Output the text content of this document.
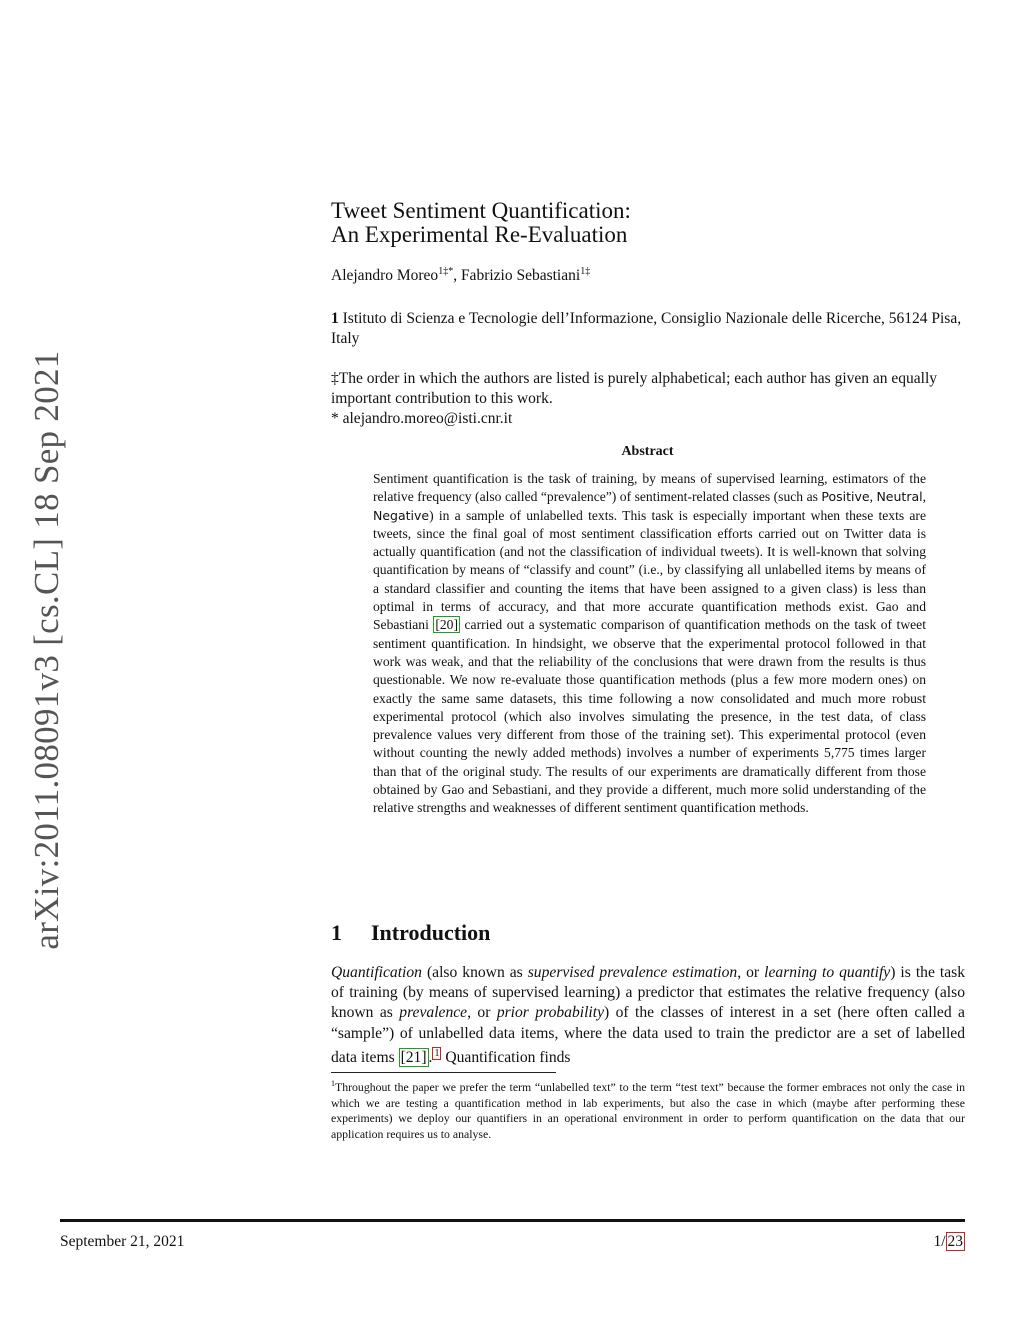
arXiv:2011.08091v3 [cs.CL] 18 Sep 2021
Tweet Sentiment Quantification:
An Experimental Re-Evaluation
Alejandro Moreo$^{1\ddagger*}$, Fabrizio Sebastiani$^{1\ddagger}$
1 Istituto di Scienza e Tecnologie dell’Informazione, Consiglio Nazionale delle Ricerche, 56124 Pisa, Italy
‡The order in which the authors are listed is purely alphabetical; each author has given an equally important contribution to this work.
* alejandro.moreo@isti.cnr.it
Abstract
Sentiment quantification is the task of training, by means of supervised learning, estimators of the relative frequency (also called “prevalence”) of sentiment-related classes (such as Positive, Neutral, Negative) in a sample of unlabelled texts. This task is especially important when these texts are tweets, since the final goal of most sentiment classification efforts carried out on Twitter data is actually quantification (and not the classification of individual tweets). It is well-known that solving quantification by means of “classify and count” (i.e., by classifying all unlabelled items by means of a standard classifier and counting the items that have been assigned to a given class) is less than optimal in terms of accuracy, and that more accurate quantification methods exist. Gao and Sebastiani [20] carried out a systematic comparison of quantification methods on the task of tweet sentiment quantification. In hindsight, we observe that the experimental protocol followed in that work was weak, and that the reliability of the conclusions that were drawn from the results is thus questionable. We now re-evaluate those quantification methods (plus a few more modern ones) on exactly the same same datasets, this time following a now consolidated and much more robust experimental protocol (which also involves simulating the presence, in the test data, of class prevalence values very different from those of the training set). This experimental protocol (even without counting the newly added methods) involves a number of experiments 5,775 times larger than that of the original study. The results of our experiments are dramatically different from those obtained by Gao and Sebastiani, and they provide a different, much more solid understanding of the relative strengths and weaknesses of different sentiment quantification methods.
1 Introduction
Quantification (also known as supervised prevalence estimation, or learning to quantify) is the task of training (by means of supervised learning) a predictor that estimates the relative frequency (also known as prevalence, or prior probability) of the classes of interest in a set (here often called a “sample”) of unlabelled data items, where the data used to train the predictor are a set of labelled data items [21] . $^1$ Quantification finds
$^1$Throughout the paper we prefer the term “unlabelled text” to the term “test text” because the former embraces not only the case in which we are testing a quantification method in lab experiments, but also the case in which (maybe after performing these experiments) we deploy our quantifiers in an operational environment in order to perform quantification on the data that our application requires us to analyse.
September 21, 2021	1/ 23
